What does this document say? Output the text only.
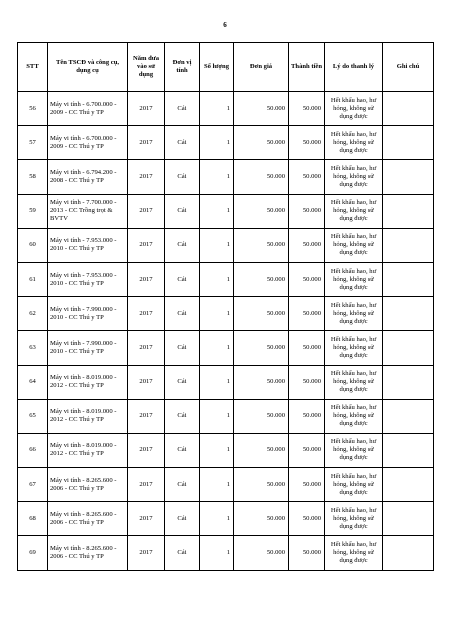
6
STT	Tên TSCĐ và công cụ, dụng cụ	Năm đưa vào sử dụng	Đơn vị tính	Số lượng	Đơn giá	Thành tiền	Lý do thanh lý	Ghi chú
56	Máy vi tính - 6.700.000 - 2009 - CC Thú y TP	2017	Cái	1	50.000	50.000	Hết khấu hao, hư hỏng, không sử dụng được	
57	Máy vi tính - 6.700.000 - 2009 - CC Thú y TP	2017	Cái	1	50.000	50.000	Hết khấu hao, hư hỏng, không sử dụng được	
58	Máy vi tính - 6.794.200 - 2008 - CC Thú y TP	2017	Cái	1	50.000	50.000	Hết khấu hao, hư hỏng, không sử dụng được	
59	Máy vi tính - 7.700.000 - 2013 - CC Trồng trọt & BVTV	2017	Cái	1	50.000	50.000	Hết khấu hao, hư hỏng, không sử dụng được	
60	Máy vi tính - 7.953.000 - 2010 - CC Thú y TP	2017	Cái	1	50.000	50.000	Hết khấu hao, hư hỏng, không sử dụng được	
61	Máy vi tính - 7.953.000 - 2010 - CC Thú y TP	2017	Cái	1	50.000	50.000	Hết khấu hao, hư hỏng, không sử dụng được	
62	Máy vi tính - 7.990.000 - 2010 - CC Thú y TP	2017	Cái	1	50.000	50.000	Hết khấu hao, hư hỏng, không sử dụng được	
63	Máy vi tính - 7.990.000 - 2010 - CC Thú y TP	2017	Cái	1	50.000	50.000	Hết khấu hao, hư hỏng, không sử dụng được	
64	Máy vi tính - 8.019.000 - 2012 - CC Thú y TP	2017	Cái	1	50.000	50.000	Hết khấu hao, hư hỏng, không sử dụng được	
65	Máy vi tính - 8.019.000 - 2012 - CC Thú y TP	2017	Cái	1	50.000	50.000	Hết khấu hao, hư hỏng, không sử dụng được	
66	Máy vi tính - 8.019.000 - 2012 - CC Thú y TP	2017	Cái	1	50.000	50.000	Hết khấu hao, hư hỏng, không sử dụng được	
67	Máy vi tính - 8.265.600 - 2006 - CC Thú y TP	2017	Cái	1	50.000	50.000	Hết khấu hao, hư hỏng, không sử dụng được	
68	Máy vi tính - 8.265.600 - 2006 - CC Thú y TP	2017	Cái	1	50.000	50.000	Hết khấu hao, hư hỏng, không sử dụng được	
69	Máy vi tính - 8.265.600 - 2006 - CC Thú y TP	2017	Cái	1	50.000	50.000	Hết khấu hao, hư hỏng, không sử dụng được	
